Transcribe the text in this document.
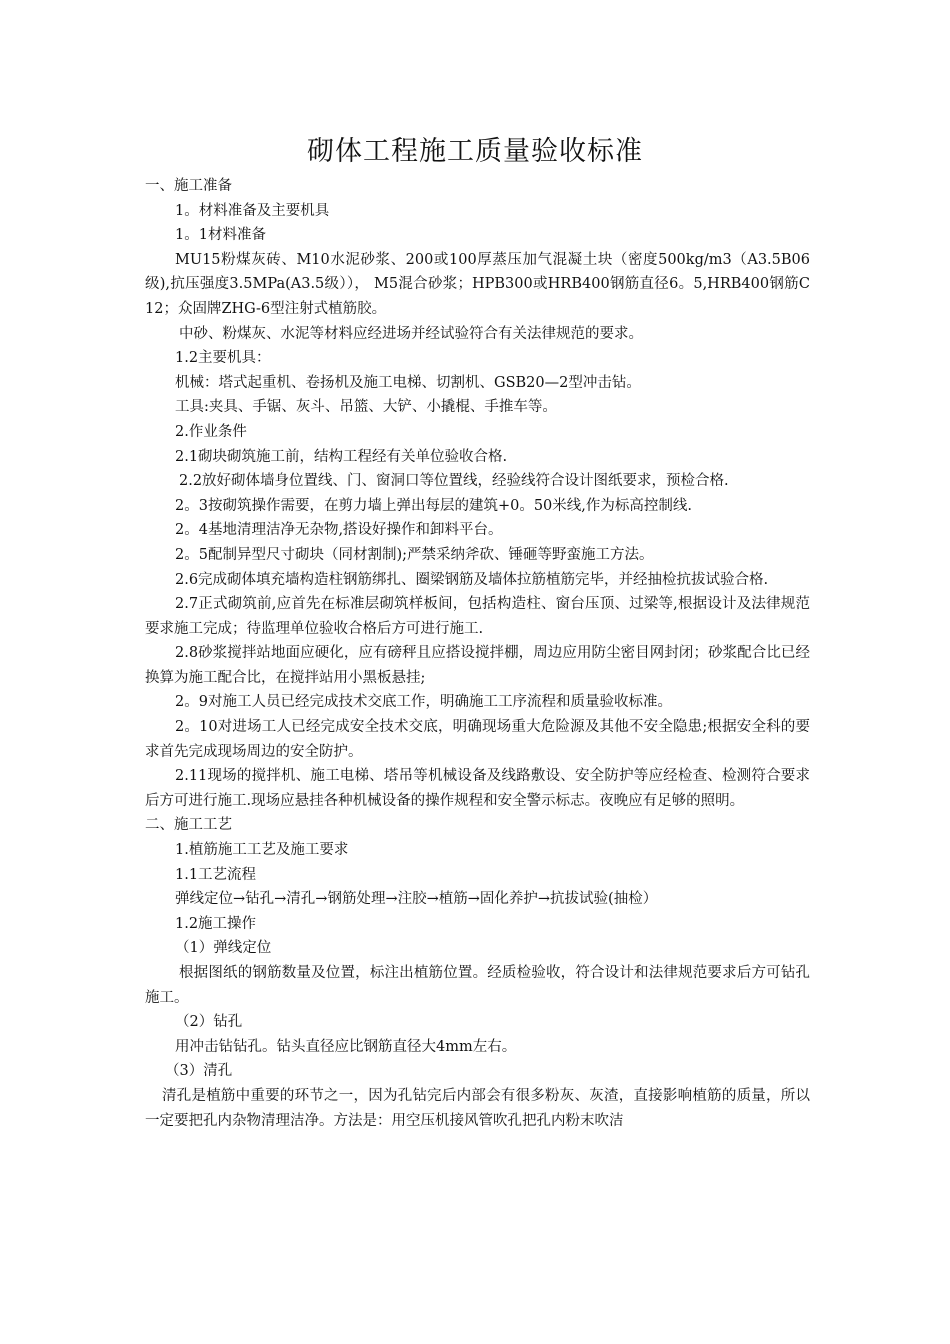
砌体工程施工质量验收标准

一、施工准备

1。材料准备及主要机具

1。1材料准备

MU15粉煤灰砖、M10水泥砂浆、200或100厚蒸压加气混凝土块（密度500kg/m3（A3.5B06级),抗压强度3.5MPa(A3.5级））， M5混合砂浆；HPB300或HRB400钢筋直径6。5,HRB400钢筋C12；众固牌ZHG-6型注射式植筋胶。

中砂、粉煤灰、水泥等材料应经进场并经试验符合有关法律规范的要求。

1.2主要机具：

机械：塔式起重机、卷扬机及施工电梯、切割机、GSB20—2型冲击钻。

工具:夹具、手锯、灰斗、吊篮、大铲、小撬棍、手推车等。

2.作业条件

2.1砌块砌筑施工前，结构工程经有关单位验收合格.

2.2放好砌体墙身位置线、门、窗洞口等位置线，经验线符合设计图纸要求，预检合格.

2。3按砌筑操作需要，在剪力墙上弹出每层的建筑+0。50米线,作为标高控制线.

2。4基地清理洁净无杂物,搭设好操作和卸料平台。

2。5配制异型尺寸砌块（同材割制);严禁采纳斧砍、锤砸等野蛮施工方法。

2.6完成砌体填充墙构造柱钢筋绑扎、圈梁钢筋及墙体拉筋植筋完毕，并经抽检抗拔试验合格.

2.7正式砌筑前,应首先在标准层砌筑样板间，包括构造柱、窗台压顶、过梁等,根据设计及法律规范要求施工完成；待监理单位验收合格后方可进行施工.

2.8砂浆搅拌站地面应硬化，应有磅秤且应搭设搅拌棚，周边应用防尘密目网封闭；砂浆配合比已经换算为施工配合比，在搅拌站用小黑板悬挂;

2。9对施工人员已经完成技术交底工作，明确施工工序流程和质量验收标准。

2。10对进场工人已经完成安全技术交底，明确现场重大危险源及其他不安全隐患;根据安全科的要求首先完成现场周边的安全防护。

2.11现场的搅拌机、施工电梯、塔吊等机械设备及线路敷设、安全防护等应经检查、检测符合要求后方可进行施工.现场应悬挂各种机械设备的操作规程和安全警示标志。夜晚应有足够的照明。

二、施工工艺

1.植筋施工工艺及施工要求

1.1工艺流程

弹线定位→钻孔→清孔→钢筋处理→注胶→植筋→固化养护→抗拔试验(抽检）

1.2施工操作

（1）弹线定位

根据图纸的钢筋数量及位置，标注出植筋位置。经质检验收，符合设计和法律规范要求后方可钻孔施工。

（2）钻孔

用冲击钻钻孔。钻头直径应比钢筋直径大4mm左右。

（3）清孔

清孔是植筋中重要的环节之一，因为孔钻完后内部会有很多粉灰、灰渣，直接影响植筋的质量，所以一定要把孔内杂物清理洁净。方法是：用空压机接风管吹孔把孔内粉末吹洁
